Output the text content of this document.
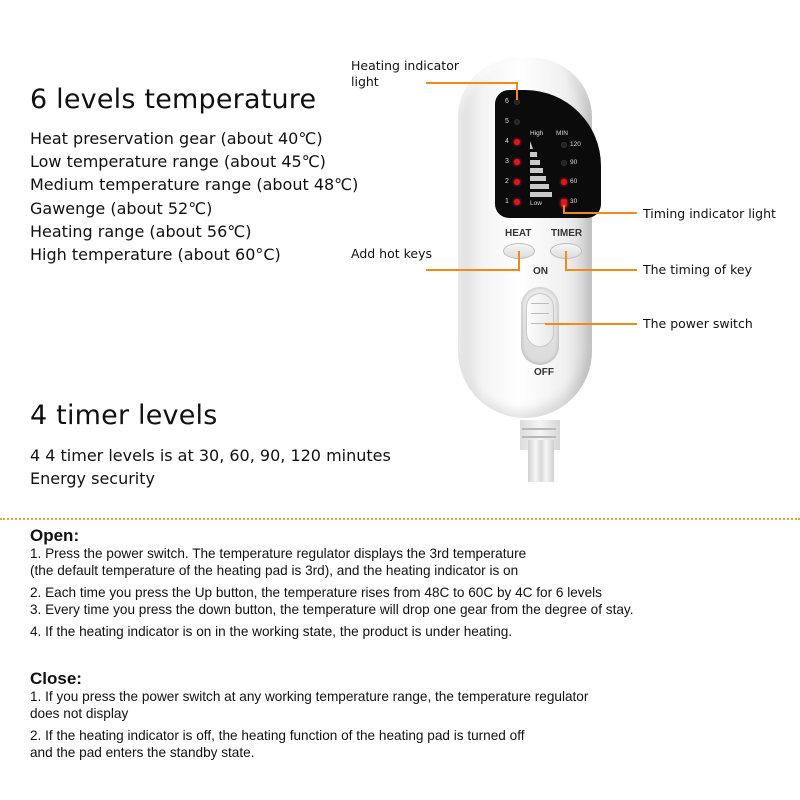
6 levels temperature
Heat preservation gear (about 40℃)
Low temperature range (about 45℃)
Medium temperature range (about 48℃)
Gawenge (about 52℃)
Heating range (about 56℃)
High temperature (about 60°C)
4 timer levels
4 4 timer levels is at 30, 60, 90, 120 minutes
Energy security
6
5
4
3
2
1
High
Low
MIN
120
90
60
30
HEAT TIMER
ON
OFF
Heating indicator
light
Timing indicator light
Add hot keys
The timing of key
The power switch
Open:

1. Press the power switch. The temperature regulator displays the 3rd temperature

(the default temperature of the heating pad is 3rd), and the heating indicator is on

2. Each time you press the Up button, the temperature rises from 48C to 60C by 4C for 6 levels

3. Every time you press the down button, the temperature will drop one gear from the degree of stay.

4. If the heating indicator is on in the working state, the product is under heating.

Close:

1. If you press the power switch at any working temperature range, the temperature regulator

does not display

2. If the heating indicator is off, the heating function of the heating pad is turned off

and the pad enters the standby state.
